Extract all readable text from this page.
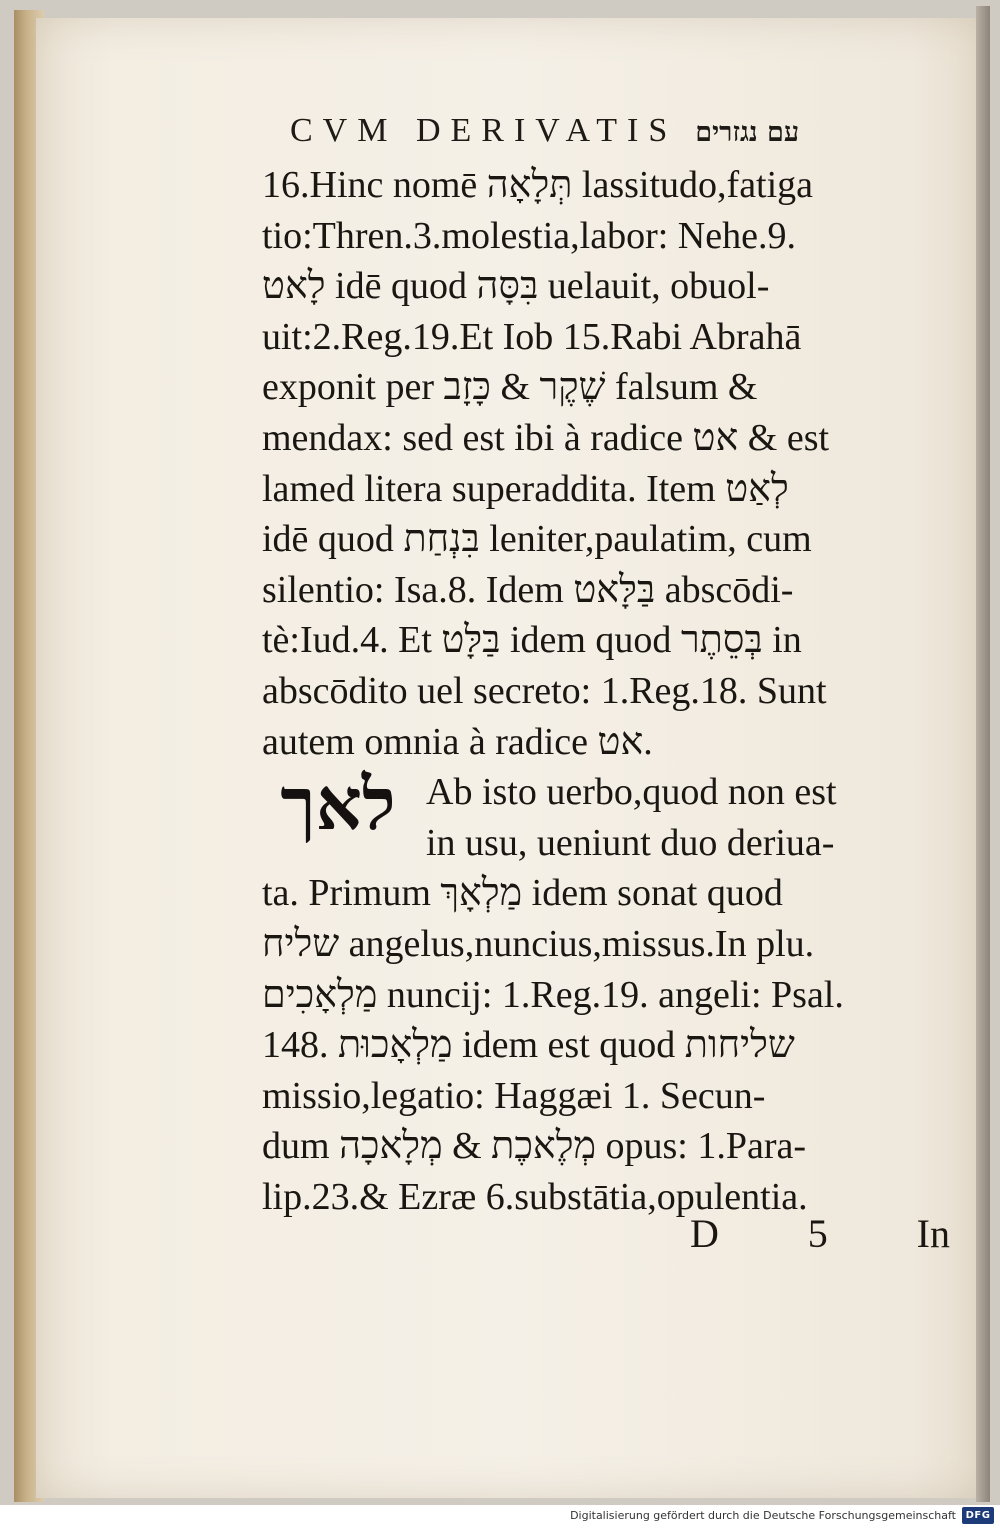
CVM DERIVATIS עם נגזרים
לאך
16.Hinc nomē תְּלָאָה lassitudo,fatiga
tio:Thren.3.molestia,labor: Nehe.9.
לָאט idē quod בִּסָּה uelauit, obuol-
uit:2.Reg.19.Et Iob 15.Rabi Abrahā
exponit per שֶׁקֶר & כָּזָב falsum &
mendax: sed est ibi à radice אט & est
lamed litera superaddita. Item לְאַט
idē quod בִּנְחַת leniter,paulatim, cum
silentio: Isa.8. Idem בַּלָּאט abscōdi-
tè:Iud.4. Et בַּלָּט idem quod בְּסֵתֶר in
abscōdito uel secreto: 1.Reg.18. Sunt
autem omnia à radice אט.
Ab isto uerbo,quod non est
in usu, ueniunt duo deriua-
ta. Primum מַלְאָךְ idem sonat quod
שליח angelus,nuncius,missus.In plu.
מַלְאָכִים nuncij: 1.Reg.19. angeli: Psal.
148. מַלְאָכוּת idem est quod שליחות
missio,legatio: Haggæi 1. Secun-
dum מְלֶאכֶת & מְלָאכָה opus: 1.Para-
lip.23.& Ezræ 6.substātia,opulentia.
D 5 In
Digitalisierung gefördert durch die Deutsche Forschungsgemeinschaft DFG
